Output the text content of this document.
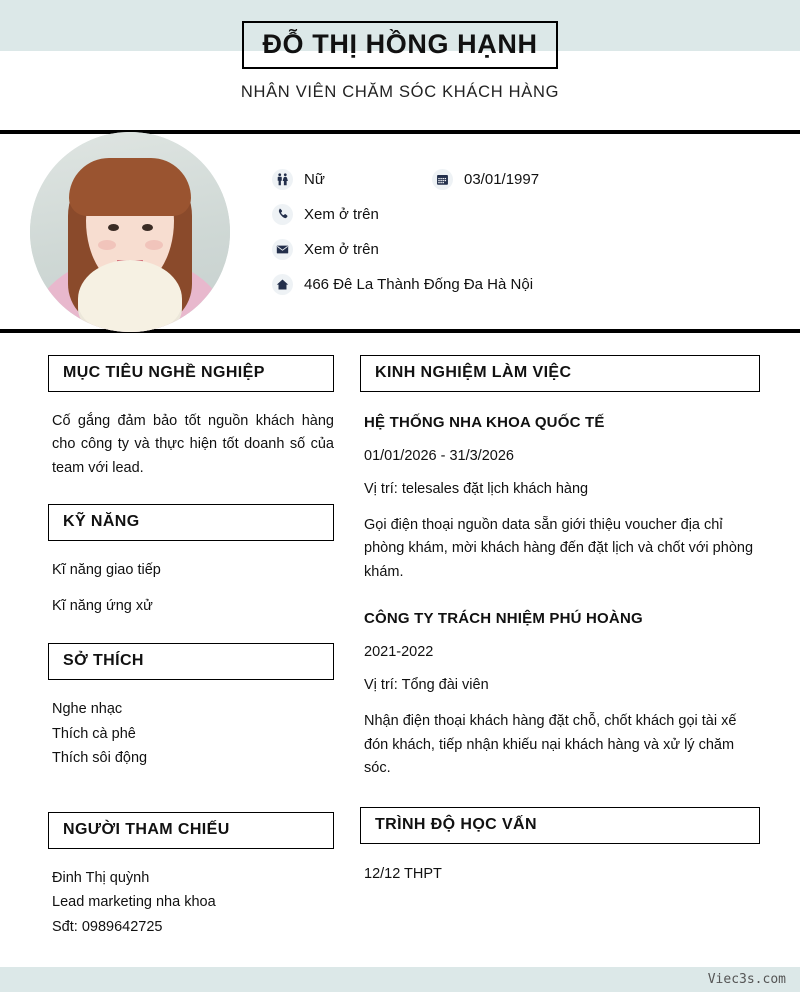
ĐỖ THỊ HỒNG HẠNH
NHÂN VIÊN CHĂM SÓC KHÁCH HÀNG
Nữ	03/01/1997
Xem ở trên
Xem ở trên
466 Đê La Thành Đống Đa Hà Nội
MỤC TIÊU NGHỀ NGHIỆP

Cố gắng đảm bảo tốt nguồn khách hàng cho công ty và thực hiện tốt doanh số của team với lead.

KỸ NĂNG
Kĩ năng giao tiếp
Kĩ năng ứng xử
SỞ THÍCH
Nghe nhạc
Thích cà phê
Thích sôi động
NGƯỜI THAM CHIẾU
Đinh Thị quỳnh
Lead marketing nha khoa
Sđt: 0989642725
KINH NGHIỆM LÀM VIỆC
HỆ THỐNG NHA KHOA QUỐC TẾ
01/01/2026 - 31/3/2026
Vị trí: telesales đặt lịch khách hàng

Gọi điện thoại nguồn data sẵn giới thiệu voucher địa chỉ phòng khám, mời khách hàng đến đặt lịch và chốt với phòng khám.

CÔNG TY TRÁCH NHIỆM PHÚ HOÀNG
2021-2022
Vị trí: Tổng đài viên

Nhận điện thoại khách hàng đặt chỗ, chốt khách gọi tài xế đón khách, tiếp nhận khiếu nại khách hàng và xử lý chăm sóc.

TRÌNH ĐỘ HỌC VẤN

12/12 THPT

Viec3s.com
